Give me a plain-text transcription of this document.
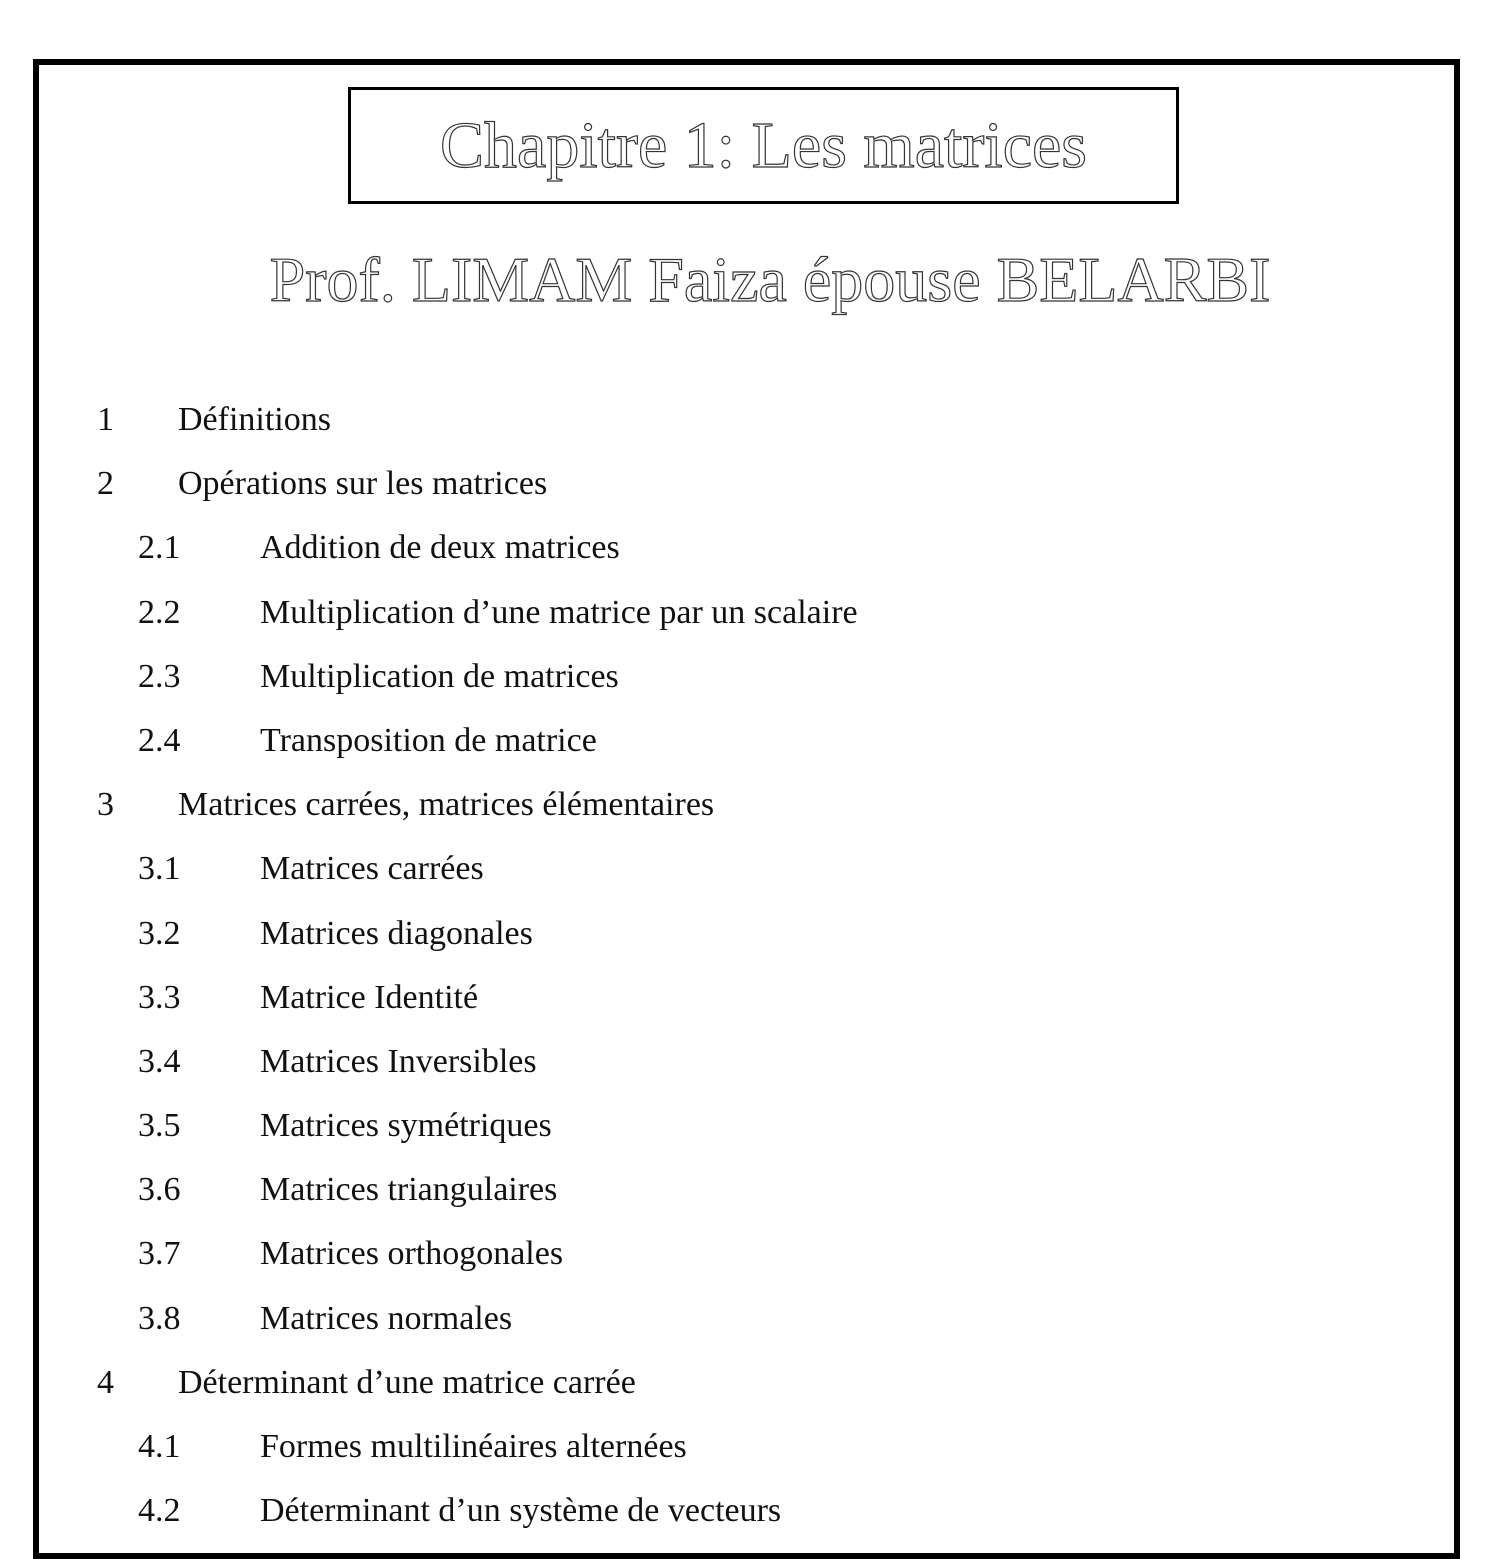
Chapitre 1: Les matrices
Prof. LIMAM Faiza épouse BELARBI
1 Définitions
2 Opérations sur les matrices
2.1 Addition de deux matrices
2.2 Multiplication d’une matrice par un scalaire
2.3 Multiplication de matrices
2.4 Transposition de matrice
3 Matrices carrées, matrices élémentaires
3.1 Matrices carrées
3.2 Matrices diagonales
3.3 Matrice Identité
3.4 Matrices Inversibles
3.5 Matrices symétriques
3.6 Matrices triangulaires
3.7 Matrices orthogonales
3.8 Matrices normales
4 Déterminant d’une matrice carrée
4.1 Formes multilinéaires alternées
4.2 Déterminant d’un système de vecteurs
